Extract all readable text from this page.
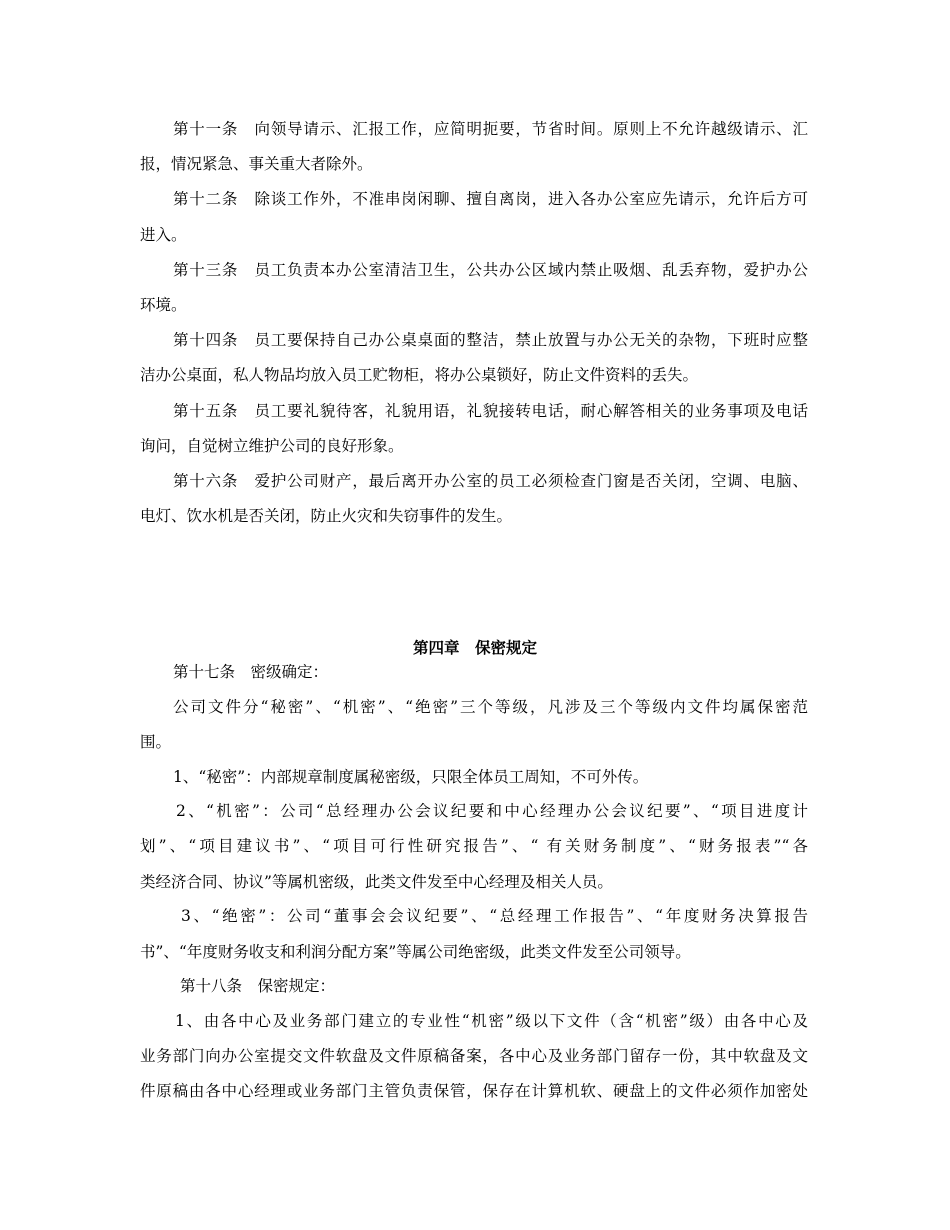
第十一条　向领导请示、汇报工作，应简明扼要，节省时间。原则上不允许越级请示、汇
报，情况紧急、事关重大者除外。
第十二条　除谈工作外，不准串岗闲聊、擅自离岗，进入各办公室应先请示，允许后方可
进入。
第十三条　员工负责本办公室清洁卫生，公共办公区域内禁止吸烟、乱丢弃物，爱护办公
环境。
第十四条　员工要保持自己办公桌桌面的整洁，禁止放置与办公无关的杂物，下班时应整
洁办公桌面，私人物品均放入员工贮物柜，将办公桌锁好，防止文件资料的丢失。
第十五条　员工要礼貌待客，礼貌用语，礼貌接转电话，耐心解答相关的业务事项及电话
询问，自觉树立维护公司的良好形象。
第十六条　爱护公司财产，最后离开办公室的员工必须检查门窗是否关闭，空调、电脑、
电灯、饮水机是否关闭，防止火灾和失窃事件的发生。
第四章　保密规定
第十七条　密级确定：
公司文件分“秘密”、“机密”、“绝密”三个等级，凡涉及三个等级内文件均属保密范
围。
1、“秘密”：内部规章制度属秘密级，只限全体员工周知，不可外传。
2、“机密”：公司“总经理办公会议纪要和中心经理办公会议纪要”、“项目进度计
划”、“项目建议书”、“项目可行性研究报告”、“ 有关财务制度”、“财务报表”“各
类经济合同、协议”等属机密级，此类文件发至中心经理及相关人员。
3、“绝密”：公司“董事会会议纪要”、“总经理工作报告”、“年度财务决算报告
书”、“年度财务收支和利润分配方案”等属公司绝密级，此类文件发至公司领导。
第十八条　保密规定：
1、由各中心及业务部门建立的专业性“机密”级以下文件（含“机密”级）由各中心及
业务部门向办公室提交文件软盘及文件原稿备案，各中心及业务部门留存一份，其中软盘及文
件原稿由各中心经理或业务部门主管负责保管，保存在计算机软、硬盘上的文件必须作加密处
